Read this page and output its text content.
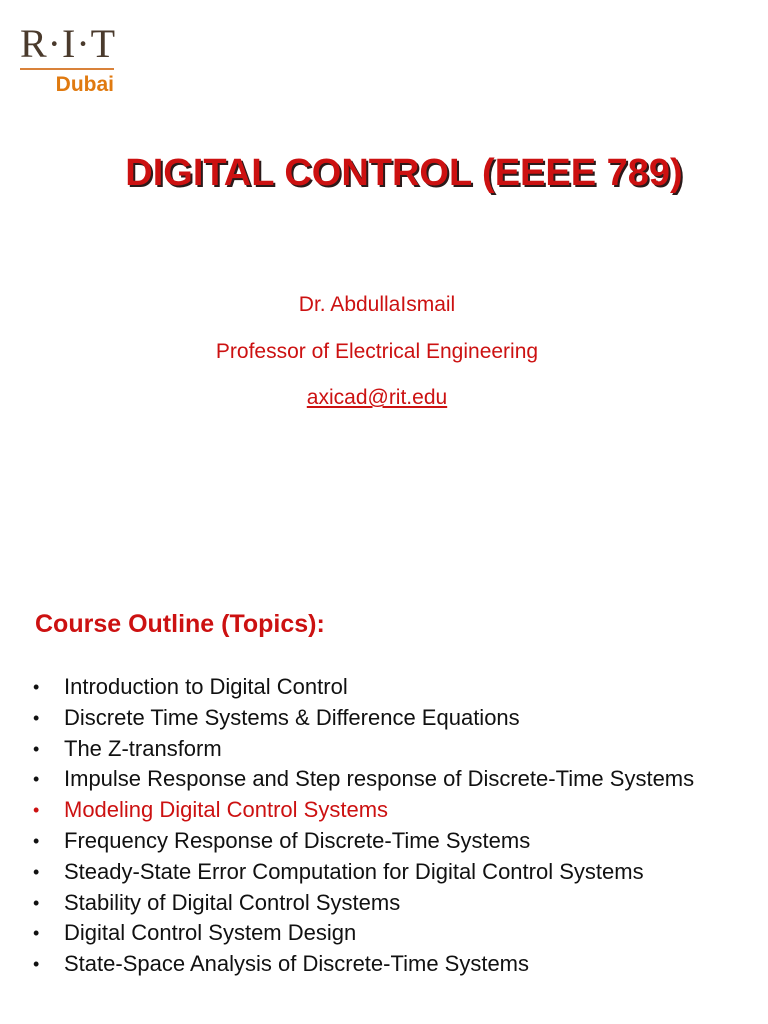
R·I·T
Dubai
DIGITAL CONTROL (EEEE 789)
Dr. AbdullaIsmail
Professor of Electrical Engineering
axicad@rit.edu
Course Outline (Topics):
• Introduction to Digital Control
• Discrete Time Systems & Difference Equations
• The Z-transform
• Impulse Response and Step response of Discrete-Time Systems
• Modeling Digital Control Systems
• Frequency Response of Discrete-Time Systems
• Steady-State Error Computation for Digital Control Systems
• Stability of Digital Control Systems
• Digital Control System Design
• State-Space Analysis of Discrete-Time Systems
